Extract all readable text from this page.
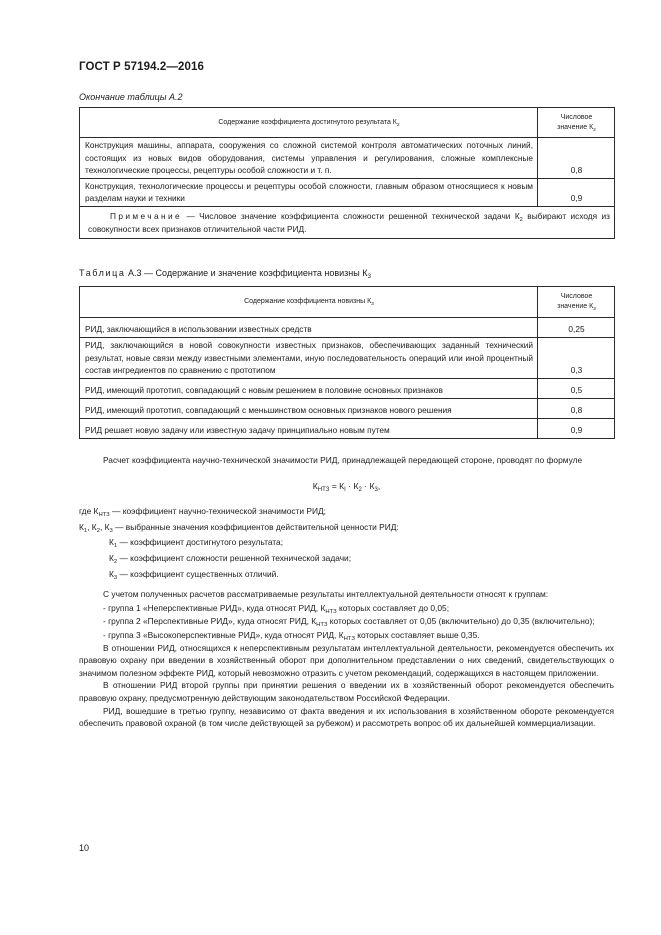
ГОСТ Р 57194.2—2016
Окончание таблицы А.2
Содержание коэффициента достигнутого результата $К_2$	Числовое
значение $К_2$
Конструкция машины, аппарата, сооружения со сложной системой контроля автоматических поточных линий, состоящих из новых видов оборудования, системы управления и регулирования, сложные комплексные технологические процессы, рецептуры особой сложности и т. п.	0,8
Конструкция, технологические процессы и рецептуры особой сложности, главным образом относящиеся к новым разделам науки и техники	0,9
Примечание — Числовое значение коэффициента сложности решенной технической задачи $К_2$ выбирают исходя из совокупности всех признаков отличительной части РИД.	
Таблица А.3 — Содержание и значение коэффициента новизны $К_3$
Содержание коэффициента новизны $К_3$	Числовое
значение $К_3$
РИД, заключающийся в использовании известных средств	0,25
РИД, заключающийся в новой совокупности известных признаков, обеспечивающих заданный технический результат, новые связи между известными элементами, иную последовательность операций или иной процентный состав ингредиентов по сравнению с прототипом	0,3
РИД, имеющий прототип, совпадающий с новым решением в половине основных признаков	0,5
РИД, имеющий прототип, совпадающий с меньшинством основных признаков нового решения	0,8
РИД решает новую задачу или известную задачу принципиально новым путем	0,9

Расчет коэффициента научно-технической значимости РИД, принадлежащей передающей стороне, проводят по формуле

$К_{НТЗ} = К_I \cdot К_2 \cdot К_3$,

где $К_{НТЗ}$ — коэффициент научно-технической значимости РИД;

$К_1$, $К_2$, $К_3$ — выбранные значения коэффициентов действительной ценности РИД:

$К_1$ — коэффициент достигнутого результата;

$К_2$ — коэффициент сложности решенной технической задачи;

$К_3$ — коэффициент существенных отличий.

С учетом полученных расчетов рассматриваемые результаты интеллектуальной деятельности относят к группам:

- группа 1 «Неперспективные РИД», куда относят РИД, $К_{НТЗ}$ которых составляет до 0,05;

- группа 2 «Перспективные РИД», куда относят РИД, $К_{НТЗ}$ которых составляет от 0,05 (включительно) до 0,35 (включительно);

- группа 3 «Высокоперспективные РИД», куда относят РИД, $К_{НТЗ}$ которых составляет выше 0,35.

В отношении РИД, относящихся к неперспективным результатам интеллектуальной деятельности, рекомендуется обеспечить их правовую охрану при введении в хозяйственный оборот при дополнительном представлении о них сведений, свидетельствующих о значимом полезном эффекте РИД, который невозможно отразить с учетом рекомендаций, содержащихся в настоящем приложении.

В отношении РИД второй группы при принятии решения о введении их в хозяйственный оборот рекомендуется обеспечить правовую охрану, предусмотренную действующим законодательством Российской Федерации.

РИД, вошедшие в третью группу, независимо от факта введения и их использования в хозяйственном обороте рекомендуется обеспечить правовой охраной (в том числе действующей за рубежом) и рассмотреть вопрос об их дальнейшей коммерциализации.

10
